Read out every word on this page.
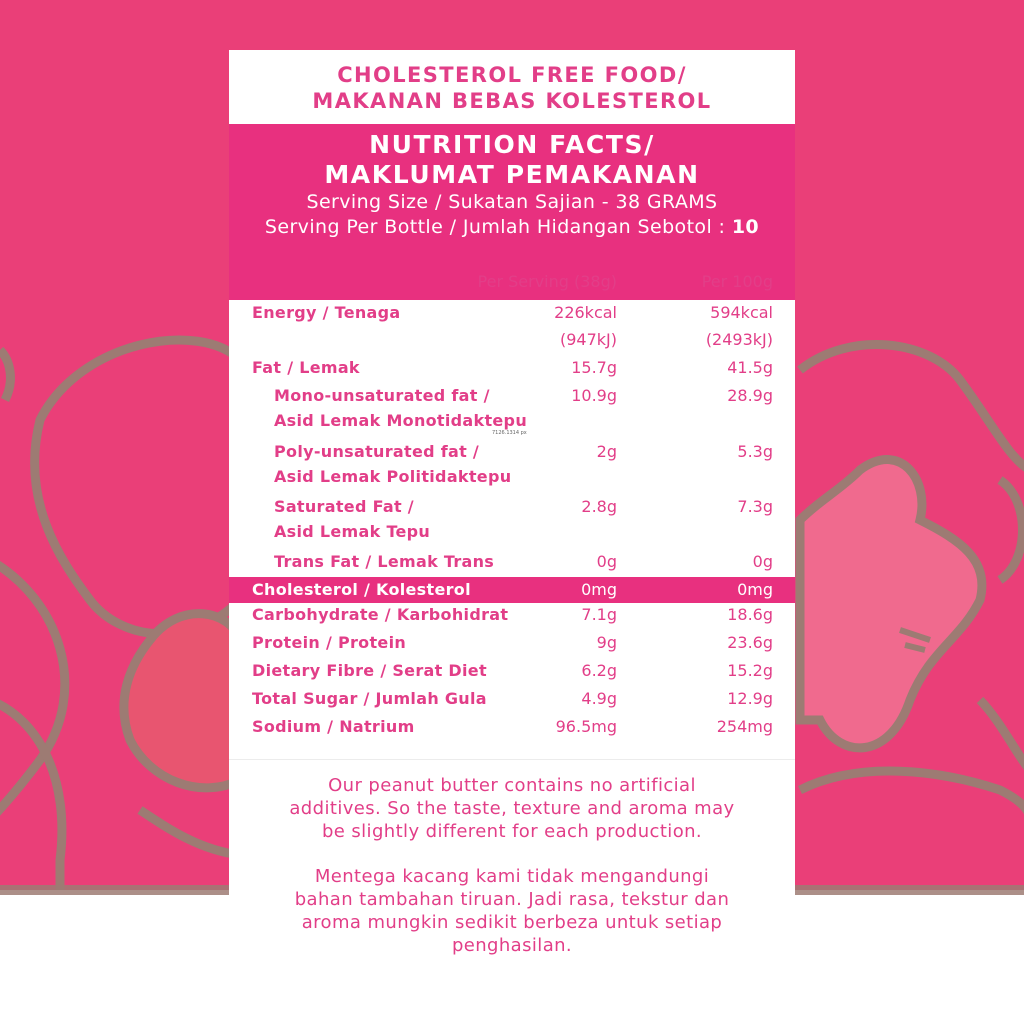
CHOLESTEROL FREE FOOD/
MAKANAN BEBAS KOLESTEROL
NUTRITION FACTS/
MAKLUMAT PEMAKANAN
Serving Size / Sukatan Sajian - 38 GRAMS
Serving Per Bottle / Jumlah Hidangan Sebotol : 10
Per Serving (38g)	Per 100g
Energy / Tenaga	226kcal	594kcal
(947kJ)	(2493kJ)
Fat / Lemak	15.7g	41.5g
Mono-unsaturated fat /	10.9g	28.9g
Asid Lemak Monotidaktepu
Poly-unsaturated fat /	2g	5.3g
Asid Lemak Politidaktepu
Saturated Fat /	2.8g	7.3g
Asid Lemak Tepu
Trans Fat / Lemak Trans	0g	0g
Cholesterol / Kolesterol	0mg	0mg
Carbohydrate / Karbohidrat	7.1g	18.6g
Protein / Protein	9g	23.6g
Dietary Fibre / Serat Diet	6.2g	15.2g
Total Sugar / Jumlah Gula	4.9g	12.9g
Sodium / Natrium	96.5mg	254mg
7126.1314 px
Our peanut butter contains no artificial
additives. So the taste, texture and aroma may
be slightly different for each production.
Mentega kacang kami tidak mengandungi
bahan tambahan tiruan. Jadi rasa, tekstur dan
aroma mungkin sedikit berbeza untuk setiap
penghasilan.
